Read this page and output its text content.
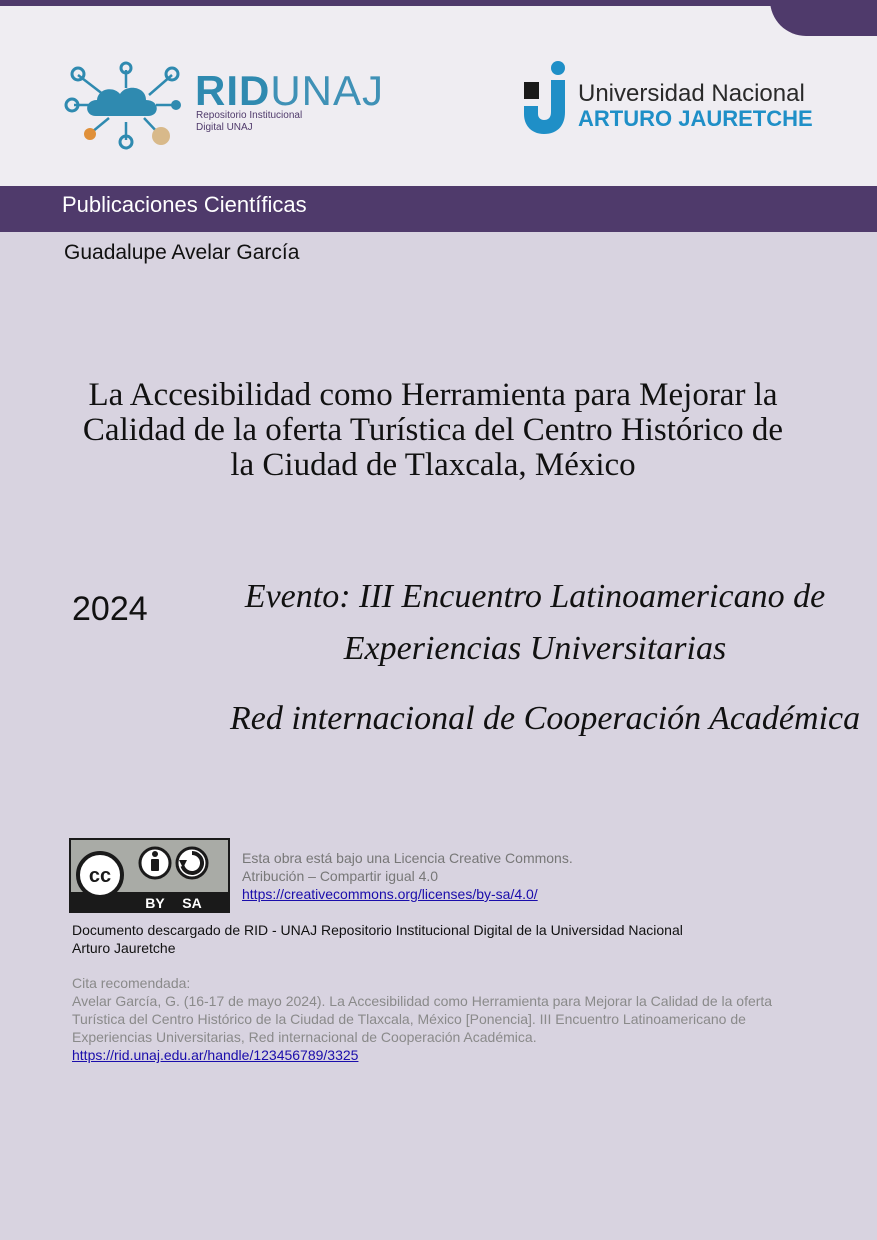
RIDUNAJ
Repositorio Institucional
Digital UNAJ
Universidad Nacional
ARTURO JAURETCHE
Publicaciones Científicas
Guadalupe Avelar García
La Accesibilidad como Herramienta para Mejorar la
Calidad de la oferta Turística del Centro Histórico de
la Ciudad de Tlaxcala, México
2024	Evento: III Encuentro Latinoamericano de
Experiencias Universitarias
Red internacional de Cooperación Académica
cc
BY SA
Esta obra está bajo una Licencia Creative Commons.
Atribución – Compartir igual 4.0
https://creativecommons.org/licenses/by-sa/4.0/
Documento descargado de RID - UNAJ Repositorio Institucional Digital de la Universidad Nacional Arturo Jauretche
Cita recomendada:
Avelar García, G. (16-17 de mayo 2024). La Accesibilidad como Herramienta para Mejorar la Calidad de la oferta Turística del Centro Histórico de la Ciudad de Tlaxcala, México [Ponencia]. III Encuentro Latinoamericano de Experiencias Universitarias, Red internacional de Cooperación Académica.
https://rid.unaj.edu.ar/handle/123456789/3325
